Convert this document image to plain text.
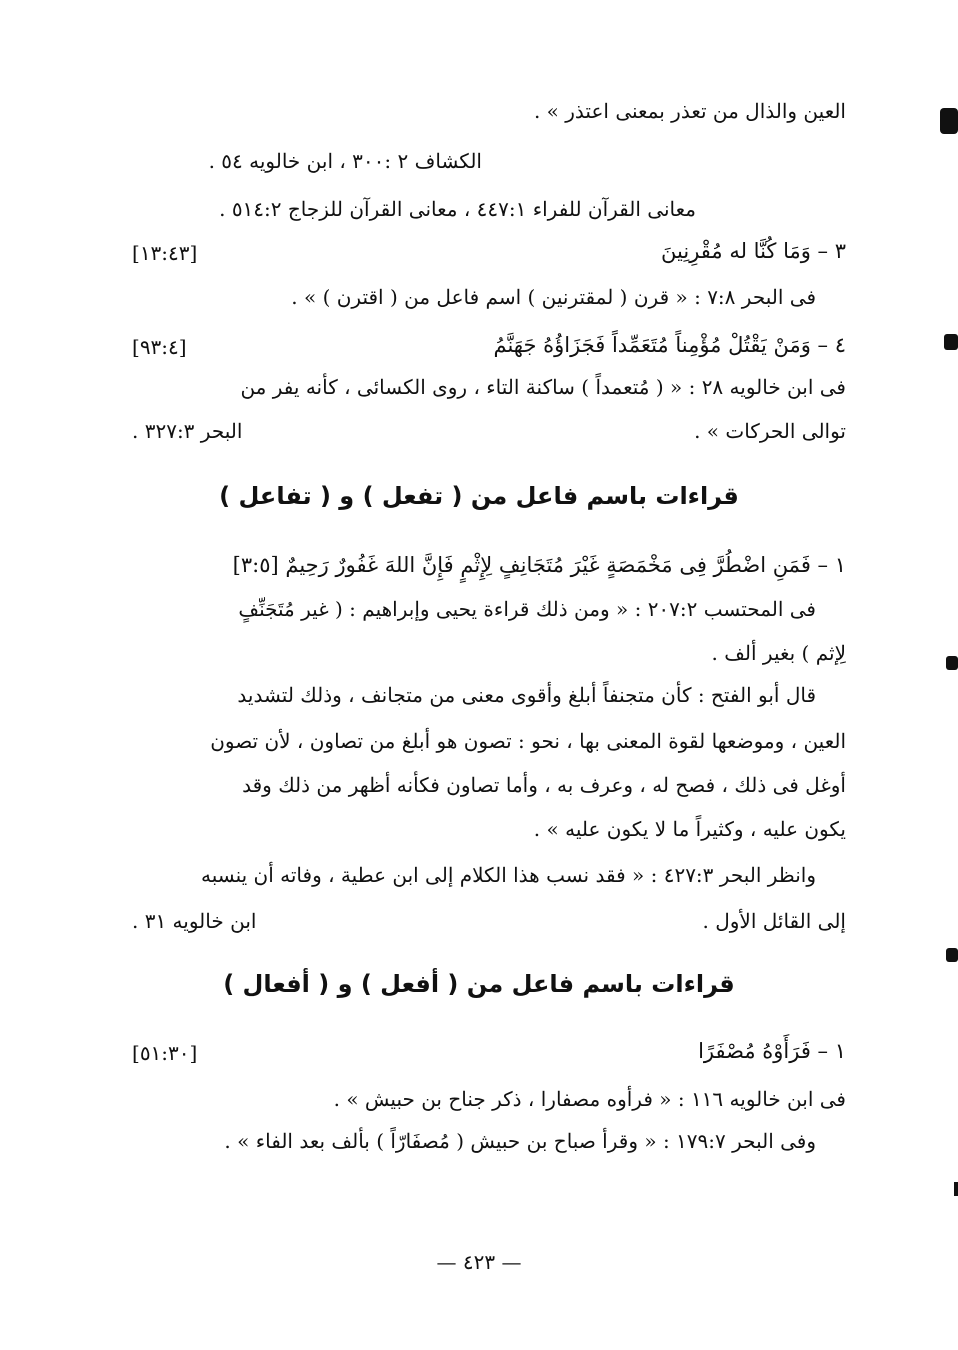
العين والذال من تعذر بمعنى اعتذر » .
الكشاف ٢ :٣٠٠ ، ابن خالويه ٥٤ .
معانى القرآن للفراء ٤٤٧:١ ، معانى القرآن للزجاج ٥١٤:٢ .
٣ – وَمَا كُنَّا له مُقْرِنِينَ
[١٣:٤٣]
فى البحر ٧:٨ : « قرن ( لمقترنين ) اسم فاعل من ( اقترن ) » .
٤ – وَمَنْ يَقْتُلْ مُؤْمِناً مُتَعَمِّداً فَجَزَاؤُهُ جَهَنَّمُ
[٩٣:٤]
فى ابن خالويه ٢٨ : « ( مُتعمداً ) ساكنة التاء ، روى الكسائى ، كأنه يفر من
توالى الحركات » .
البحر ٣٢٧:٣ .
قراءات باسم فاعل من ( تفعل ) و ( تفاعل )
١ – فَمَنِ اضْطُرَّ فِى مَخْمَصَةٍ غَيْرَ مُتَجَانِفٍ لِإِثْمٍ فَإِنَّ اللهَ غَفُورٌ رَحِيمٌ [٣:٥]
فى المحتسب ٢٠٧:٢ : « ومن ذلك قراءة يحيى وإبراهيم : ( غير مُتَجَنِّفٍ
لِإثم ) بغير ألف .
قال أبو الفتح : كأن متجنفاً أبلغ وأقوى معنى من متجانف ، وذلك لتشديد
العين ، وموضعها لقوة المعنى بها ، نحو : تصون هو أبلغ من تصاون ، لأن تصون
أوغل فى ذلك ، فصح له ، وعرف به ، وأما تصاون فكأنه أظهر من ذلك وقد
يكون عليه ، وكثيراً ما لا يكون عليه » .
وانظر البحر ٤٢٧:٣ : « فقد نسب هذا الكلام إلى ابن عطية ، وفاته أن ينسبه
إلى القائل الأول .
ابن خالويه ٣١ .
قراءات باسم فاعل من ( أفعل ) و ( أفعال )
١ – فَرَأَوْهُ مُصْفَرًا
[٥١:٣٠]
فى ابن خالويه ١١٦ : « فرأوه مصفارا ، ذكر جناح بن حبيش » .
وفى البحر ١٧٩:٧ : « وقرأ صباح بن حبيش ( مُصفَارّاً ) بألف بعد الفاء » .
— ٤٢٣ —
